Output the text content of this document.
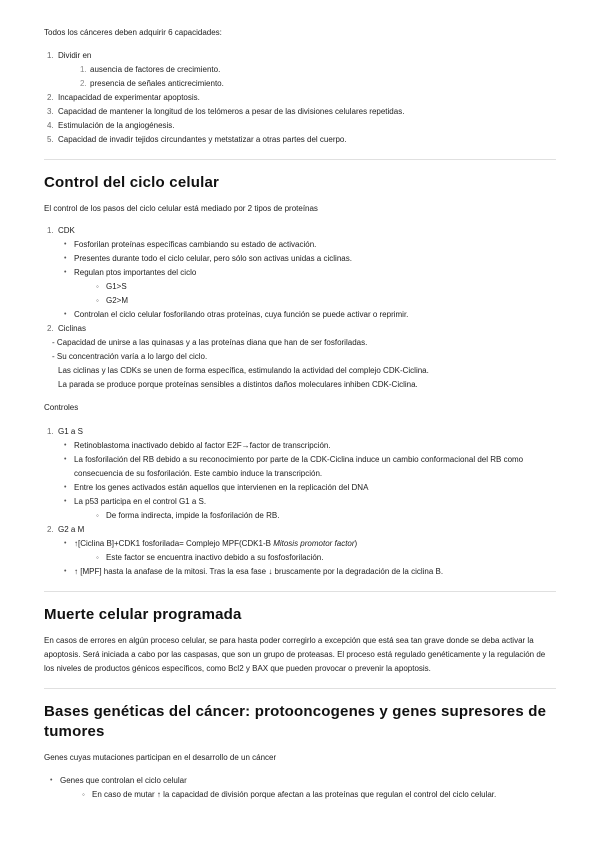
Todos los cánceres deben adquirir 6 capacidades:

1. Dividir en
1. ausencia de factores de crecimiento.
2. presencia de señales anticrecimiento.
2. Incapacidad de experimentar apoptosis.
3. Capacidad de mantener la longitud de los telómeros a pesar de las divisiones celulares repetidas.
4. Estimulación de la angiogénesis.
5. Capacidad de invadir tejidos circundantes y metstatizar a otras partes del cuerpo.
Control del ciclo celular

El control de los pasos del ciclo celular está mediado por 2 tipos de proteínas

1. CDK
• Fosforilan proteínas específicas cambiando su estado de activación.
• Presentes durante todo el ciclo celular, pero sólo son activas unidas a ciclinas.
• Regulan ptos importantes del ciclo
◦ G1>S
◦ G2>M
• Controlan el ciclo celular fosforilando otras proteínas, cuya función se puede activar o reprimir.
2. Ciclinas

- Capacidad de unirse a las quinasas y a las proteínas diana que han de ser fosforiladas.

- Su concentración varía a lo largo del ciclo.

Las ciclinas y las CDKs se unen de forma específica, estimulando la actividad del complejo CDK-Ciclina.

La parada se produce porque proteínas sensibles a distintos daños moleculares inhiben CDK-Ciclina.

Controles

1. G1 a S
• Retinoblastoma inactivado debido al factor E2F→factor de transcripción.
• La fosforilación del RB debido a su reconocimiento por parte de la CDK-Ciclina induce un cambio conformacional del RB como consecuencia de su fosforilación. Este cambio induce la transcripción.
• Entre los genes activados están aquellos que intervienen en la replicación del DNA
• La p53 participa en el control G1 a S.
◦ De forma indirecta, impide la fosforilación de RB.
2. G2 a M
• ↑[Ciclina B]+CDK1 fosforilada= Complejo MPF(CDK1-B Mitosis promotor factor)
◦ Este factor se encuentra inactivo debido a su fosfosforilación.
• ↑ [MPF] hasta la anafase de la mitosi. Tras la esa fase ↓ bruscamente por la degradación de la ciclina B.
Muerte celular programada

En casos de errores en algún proceso celular, se para hasta poder corregirlo a excepción que está sea tan grave donde se deba activar la apoptosis. Será iniciada a cabo por las caspasas, que son un grupo de proteasas. El proceso está regulado genéticamente y la regulación de los niveles de productos génicos específicos, como Bcl2 y BAX que pueden provocar o prevenir la apoptosis.

Bases genéticas del cáncer: protooncogenes y genes supresores de tumores

Genes cuyas mutaciones participan en el desarrollo de un cáncer

• Genes que controlan el ciclo celular
◦ En caso de mutar ↑ la capacidad de división porque afectan a las proteínas que regulan el control del ciclo celular.
